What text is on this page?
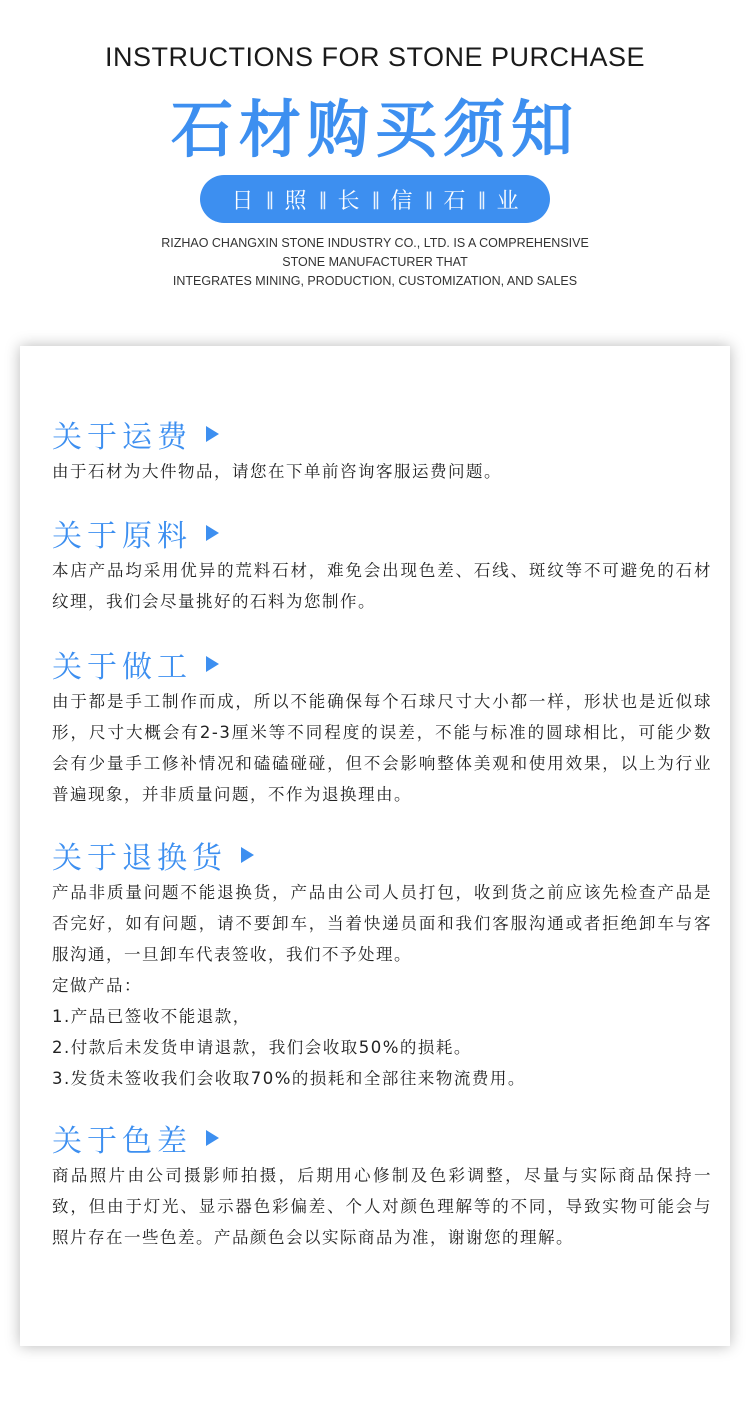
INSTRUCTIONS FOR STONE PURCHASE
石材购买须知
日 ‖ 照 ‖ 长 ‖ 信 ‖ 石 ‖ 业
RIZHAO CHANGXIN STONE INDUSTRY CO., LTD. IS A COMPREHENSIVE
STONE MANUFACTURER THAT
INTEGRATES MINING, PRODUCTION, CUSTOMIZATION, AND SALES
关于运费

由于石材为大件物品，请您在下单前咨询客服运费问题。

关于原料

本店产品均采用优异的荒料石材，难免会出现色差、石线、斑纹等不可避免的石材纹理，我们会尽量挑好的石料为您制作。

关于做工

由于都是手工制作而成，所以不能确保每个石球尺寸大小都一样，形状也是近似球形，尺寸大概会有2-3厘米等不同程度的误差，不能与标准的圆球相比，可能少数会有少量手工修补情况和磕磕碰碰，但不会影响整体美观和使用效果，以上为行业普遍现象，并非质量问题，不作为退换理由。

关于退换货

产品非质量问题不能退换货，产品由公司人员打包，收到货之前应该先检查产品是否完好，如有问题，请不要卸车，当着快递员面和我们客服沟通或者拒绝卸车与客服沟通，一旦卸车代表签收，我们不予处理。

定做产品：

1.产品已签收不能退款，

2.付款后未发货申请退款，我们会收取50%的损耗。

3.发货未签收我们会收取70%的损耗和全部往来物流费用。

关于色差

商品照片由公司摄影师拍摄，后期用心修制及色彩调整，尽量与实际商品保持一致，但由于灯光、显示器色彩偏差、个人对颜色理解等的不同，导致实物可能会与照片存在一些色差。产品颜色会以实际商品为准，谢谢您的理解。
